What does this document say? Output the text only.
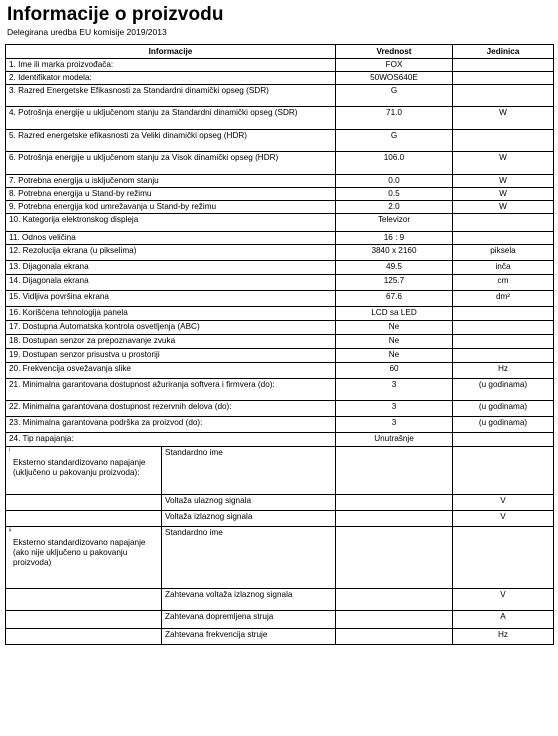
Informacije o proizvodu
Delegirana uredba EU komisije 2019/2013
Informacije		Vrednost	Jedinica
1. Ime ili marka proizvođača:		FOX	
2. Identifikator modela:		50WOS640E	
3. Razred Energetske Efikasnosti za Standardni dinamički opseg (SDR)		G	
4. Potrošnja energije u uključenom stanju za Standardni dinamički opseg (SDR)		71.0	W
5. Razred energetske efikasnosti za Veliki dinamički opseg (HDR)		G	
6. Potrošnja energije u uključenom stanju za Visok dinamički opseg (HDR)		106.0	W
7. Potrebna energija u isključenom stanju		0.0	W
8. Potrebna energija u Stand-by režimu		0.5	W
9. Potrebna energija kod umrežavanja u Stand-by režimu		2.0	W
10. Kategorija elektronskog displeja		Televizor	
11. Odnos veličina		16 : 9	
12. Rezolucija ekrana (u pikselima)		3840 x 2160	piksela
13. Dijagonala ekrana		49.5	inča
14. Dijagonala ekrana		125.7	cm
15. Vidljiva površina ekrana		67.6	dm²
16. Korišćena tehnologija panela		LCD sa LED	
17. Dostupna Automatska kontrola osvetljenja (ABC)		Ne	
18. Dostupan senzor za prepoznavanje zvuka		Ne	
19. Dostupan senzor prisustva u prostoriji		Ne	
20. Frekvencija osvežavanja slike		60	Hz
21. Minimalna garantovana dostupnost ažuriranja softvera i firmvera (do):		3	(u godinama)
22. Minimalna garantovana dostupnost rezervnih delova (do):		3	(u godinama)
23. Minimalna garantovana podrška za proizvod (do):		3	(u godinama)
24. Tip napajanja:		Unutrašnje	
$^i$
Eksterno standardizovano napajanje (uključeno u pakovanju proizvoda):	Standardno ime		
	Voltaža ulaznog signala		V
	Voltaža izlaznog signala		V
$^{ii}$
Eksterno standardizovano napajanje (ako nije uključeno u pakovanju proizvoda)	Standardno ime		
	Zahtevana voltaža izlaznog signala		V
	Zahtevana dopremljena struja		A
	Zahtevana frekvencija struje		Hz
